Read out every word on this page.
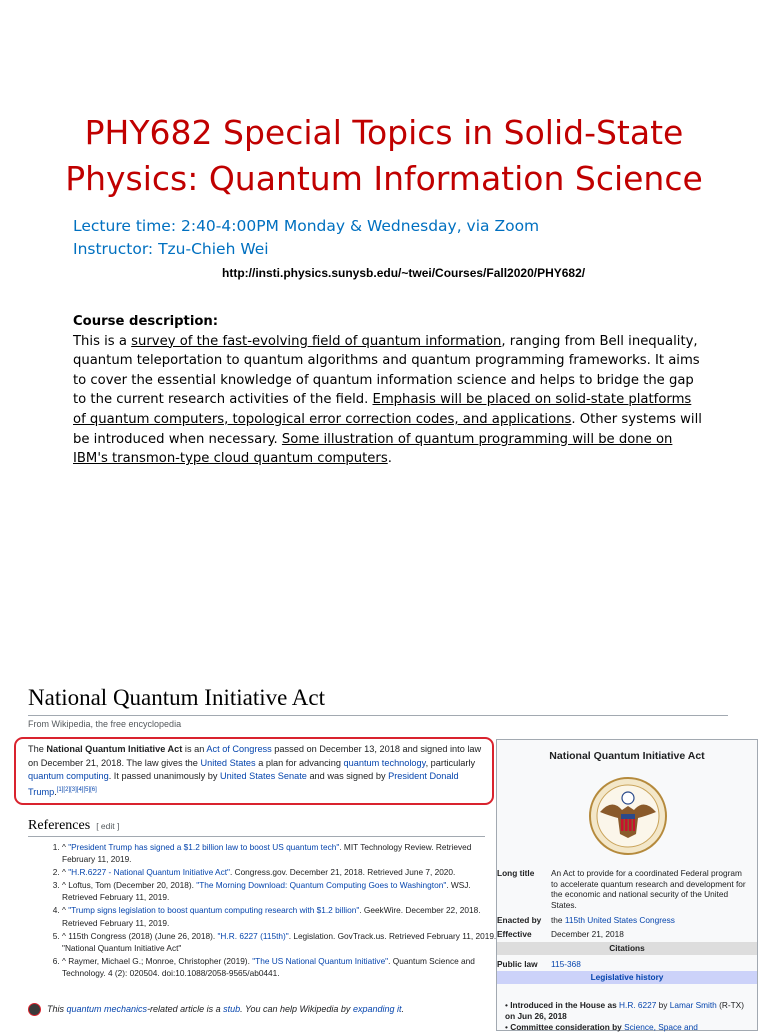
PHY682 Special Topics in Solid-State
Physics: Quantum Information Science
Lecture time: 2:40-4:00PM Monday & Wednesday, via Zoom
Instructor: Tzu-Chieh Wei
http://insti.physics.sunysb.edu/~twei/Courses/Fall2020/PHY682/
Course description:
This is a survey of the fast-evolving field of quantum information, ranging from Bell inequality, quantum teleportation to quantum algorithms and quantum programming frameworks. It aims to cover the essential knowledge of quantum information science and helps to bridge the gap to the current research activities of the field. Emphasis will be placed on solid-state platforms of quantum computers, topological error correction codes, and applications. Other systems will be introduced when necessary. Some illustration of quantum programming will be done on IBM's transmon-type cloud quantum computers.
National Quantum Initiative Act
From Wikipedia, the free encyclopedia
The National Quantum Initiative Act is an Act of Congress passed on December 13, 2018 and signed into law on December 21, 2018. The law gives the United States a plan for advancing quantum technology, particularly quantum computing. It passed unanimously by United States Senate and was signed by President Donald Trump.[1][2][3][4][5][6]
References [ edit ]
1. ^ "President Trump has signed a $1.2 billion law to boost US quantum tech". MIT Technology Review. Retrieved February 11, 2019.
2. ^ "H.R.6227 - National Quantum Initiative Act". Congress.gov. December 21, 2018. Retrieved June 7, 2020.
3. ^ Loftus, Tom (December 20, 2018). "The Morning Download: Quantum Computing Goes to Washington". WSJ. Retrieved February 11, 2019.
4. ^ "Trump signs legislation to boost quantum computing research with $1.2 billion". GeekWire. December 22, 2018. Retrieved February 11, 2019.
5. ^ 115th Congress (2018) (June 26, 2018). "H.R. 6227 (115th)". Legislation. GovTrack.us. Retrieved February 11, 2019. "National Quantum Initiative Act"
6. ^ Raymer, Michael G.; Monroe, Christopher (2019). "The US National Quantum Initiative". Quantum Science and Technology. 4 (2): 020504. doi:10.1088/2058-9565/ab0441.
This quantum mechanics-related article is a stub. You can help Wikipedia by expanding it.
National Quantum Initiative Act
Long title	An Act to provide for a coordinated Federal program to accelerate quantum research and development for the economic and national security of the United States.
Enacted by	the 115th United States Congress
Effective	December 21, 2018
Citations
Public law	115-368
Legislative history
• Introduced in the House as H.R. 6227 by Lamar Smith (R-TX) on Jun 26, 2018
• Committee consideration by Science, Space and
